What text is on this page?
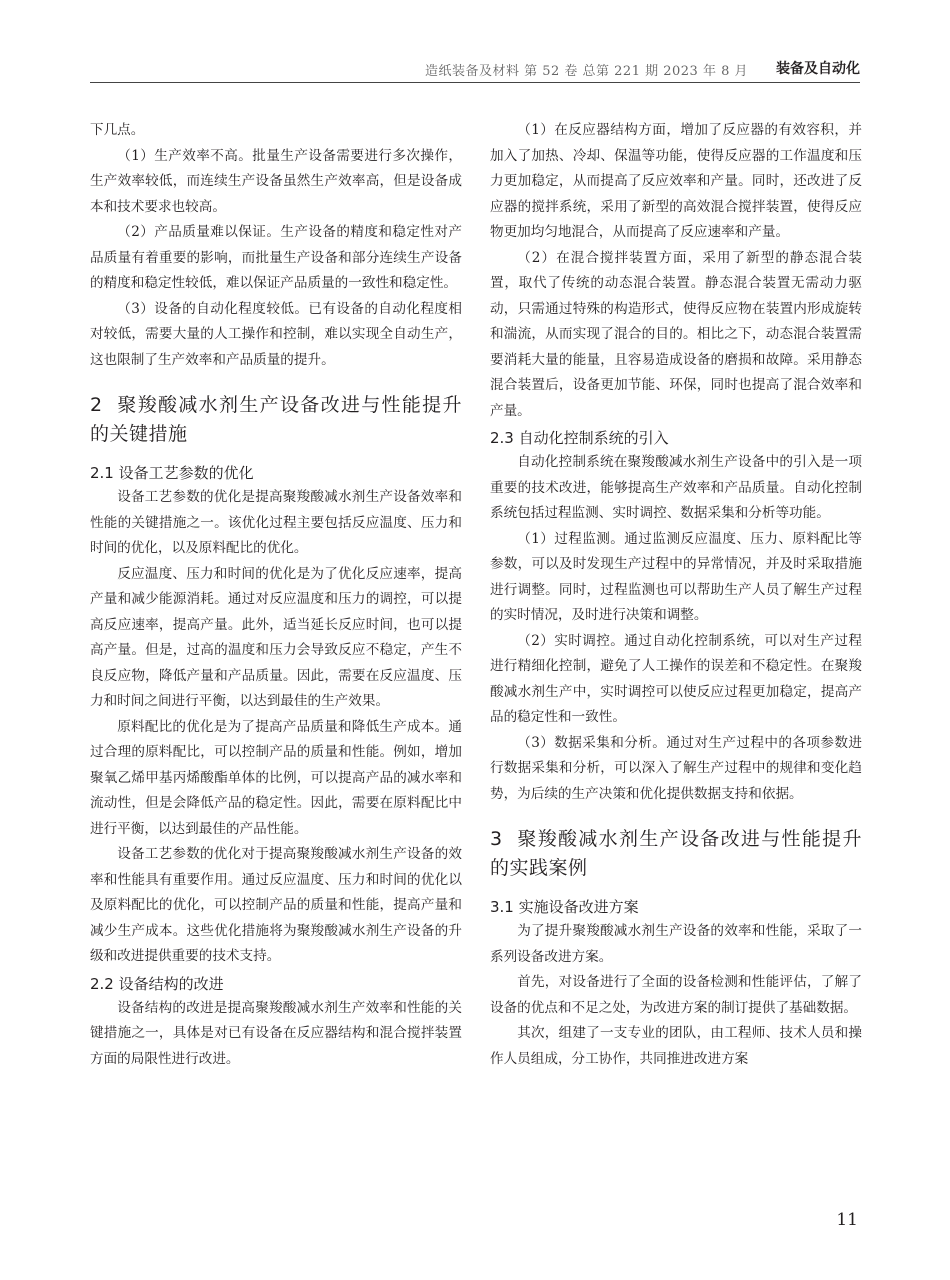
造纸装备及材料 第 52 卷 总第 221 期 2023 年 8 月 装备及自动化

下几点。

（1）生产效率不高。批量生产设备需要进行多次操作，生产效率较低，而连续生产设备虽然生产效率高，但是设备成本和技术要求也较高。

（2）产品质量难以保证。生产设备的精度和稳定性对产品质量有着重要的影响，而批量生产设备和部分连续生产设备的精度和稳定性较低，难以保证产品质量的一致性和稳定性。

（3）设备的自动化程度较低。已有设备的自动化程度相对较低，需要大量的人工操作和控制，难以实现全自动生产，这也限制了生产效率和产品质量的提升。

2 聚羧酸减水剂生产设备改进与性能提升的关键措施
2.1 设备工艺参数的优化

设备工艺参数的优化是提高聚羧酸减水剂生产设备效率和性能的关键措施之一。该优化过程主要包括反应温度、压力和时间的优化，以及原料配比的优化。

反应温度、压力和时间的优化是为了优化反应速率，提高产量和减少能源消耗。通过对反应温度和压力的调控，可以提高反应速率，提高产量。此外，适当延长反应时间，也可以提高产量。但是，过高的温度和压力会导致反应不稳定，产生不良反应物，降低产量和产品质量。因此，需要在反应温度、压力和时间之间进行平衡，以达到最佳的生产效果。

原料配比的优化是为了提高产品质量和降低生产成本。通过合理的原料配比，可以控制产品的质量和性能。例如，增加聚氧乙烯甲基丙烯酸酯单体的比例，可以提高产品的减水率和流动性，但是会降低产品的稳定性。因此，需要在原料配比中进行平衡，以达到最佳的产品性能。

设备工艺参数的优化对于提高聚羧酸减水剂生产设备的效率和性能具有重要作用。通过反应温度、压力和时间的优化以及原料配比的优化，可以控制产品的质量和性能，提高产量和减少生产成本。这些优化措施将为聚羧酸减水剂生产设备的升级和改进提供重要的技术支持。

2.2 设备结构的改进

设备结构的改进是提高聚羧酸减水剂生产效率和性能的关键措施之一，具体是对已有设备在反应器结构和混合搅拌装置方面的局限性进行改进。

（1）在反应器结构方面，增加了反应器的有效容积，并加入了加热、冷却、保温等功能，使得反应器的工作温度和压力更加稳定，从而提高了反应效率和产量。同时，还改进了反应器的搅拌系统，采用了新型的高效混合搅拌装置，使得反应物更加均匀地混合，从而提高了反应速率和产量。

（2）在混合搅拌装置方面，采用了新型的静态混合装置，取代了传统的动态混合装置。静态混合装置无需动力驱动，只需通过特殊的构造形式，使得反应物在装置内形成旋转和湍流，从而实现了混合的目的。相比之下，动态混合装置需要消耗大量的能量，且容易造成设备的磨损和故障。采用静态混合装置后，设备更加节能、环保，同时也提高了混合效率和产量。

2.3 自动化控制系统的引入

自动化控制系统在聚羧酸减水剂生产设备中的引入是一项重要的技术改进，能够提高生产效率和产品质量。自动化控制系统包括过程监测、实时调控、数据采集和分析等功能。

（1）过程监测。通过监测反应温度、压力、原料配比等参数，可以及时发现生产过程中的异常情况，并及时采取措施进行调整。同时，过程监测也可以帮助生产人员了解生产过程的实时情况，及时进行决策和调整。

（2）实时调控。通过自动化控制系统，可以对生产过程进行精细化控制，避免了人工操作的误差和不稳定性。在聚羧酸减水剂生产中，实时调控可以使反应过程更加稳定，提高产品的稳定性和一致性。

（3）数据采集和分析。通过对生产过程中的各项参数进行数据采集和分析，可以深入了解生产过程中的规律和变化趋势，为后续的生产决策和优化提供数据支持和依据。

3 聚羧酸减水剂生产设备改进与性能提升的实践案例
3.1 实施设备改进方案

为了提升聚羧酸减水剂生产设备的效率和性能，采取了一系列设备改进方案。

首先，对设备进行了全面的设备检测和性能评估，了解了设备的优点和不足之处，为改进方案的制订提供了基础数据。

其次，组建了一支专业的团队，由工程师、技术人员和操作人员组成，分工协作，共同推进改进方案

11
